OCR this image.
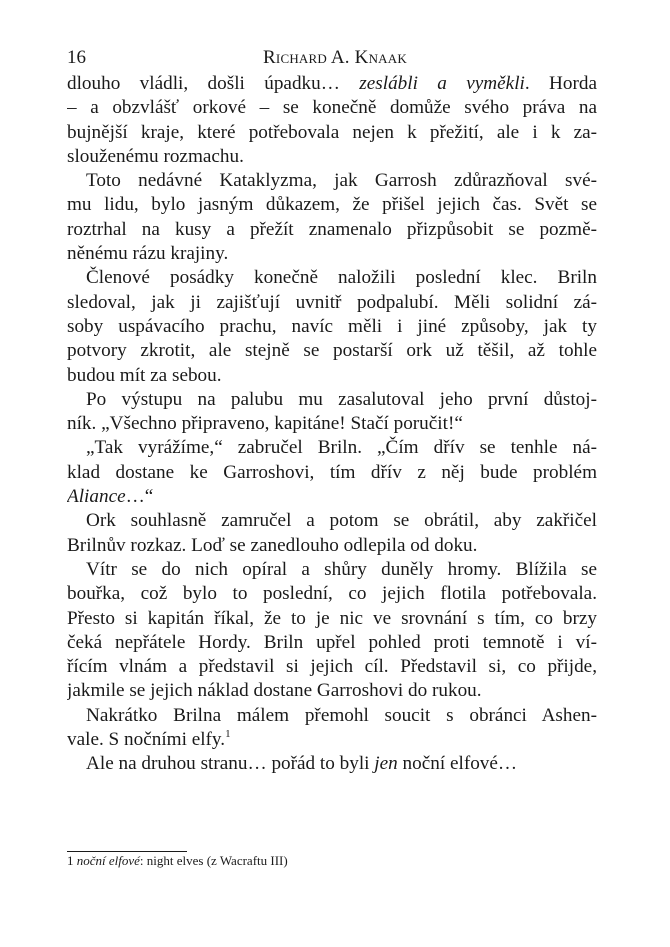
16	Richard A. Knaak
dlouho vládli, došli úpadku… zeslábli a vyměkli. Horda
– a obzvlášť orkové – se konečně domůže svého práva na
bujnější kraje, které potřebovala nejen k přežití, ale i k za-
slouženému rozmachu.
Toto nedávné Kataklyzma, jak Garrosh zdůrazňoval své-
mu lidu, bylo jasným důkazem, že přišel jejich čas. Svět se
roztrhal na kusy a přežít znamenalo přizpůsobit se pozmě-
něnému rázu krajiny.
Členové posádky konečně naložili poslední klec. Briln
sledoval, jak ji zajišťují uvnitř podpalubí. Měli solidní zá-
soby uspávacího prachu, navíc měli i jiné způsoby, jak ty
potvory zkrotit, ale stejně se postarší ork už těšil, až tohle
budou mít za sebou.
Po výstupu na palubu mu zasalutoval jeho první důstoj-
ník. „Všechno připraveno, kapitáne! Stačí poručit!“
„Tak vyrážíme,“ zabručel Briln. „Čím dřív se tenhle ná-
klad dostane ke Garroshovi, tím dřív z něj bude problém
Aliance…“
Ork souhlasně zamručel a potom se obrátil, aby zakřičel
Brilnův rozkaz. Loď se zanedlouho odlepila od doku.
Vítr se do nich opíral a shůry duněly hromy. Blížila se
bouřka, což bylo to poslední, co jejich flotila potřebovala.
Přesto si kapitán říkal, že to je nic ve srovnání s tím, co brzy
čeká nepřátele Hordy. Briln upřel pohled proti temnotě i ví-
řícím vlnám a představil si jejich cíl. Představil si, co přijde,
jakmile se jejich náklad dostane Garroshovi do rukou.
Nakrátko Brilna málem přemohl soucit s obránci Ashen-
vale. S nočními elfy.$^1$
Ale na druhou stranu… pořád to byli jen noční elfové…
1 noční elfové: night elves (z Wacraftu III)
